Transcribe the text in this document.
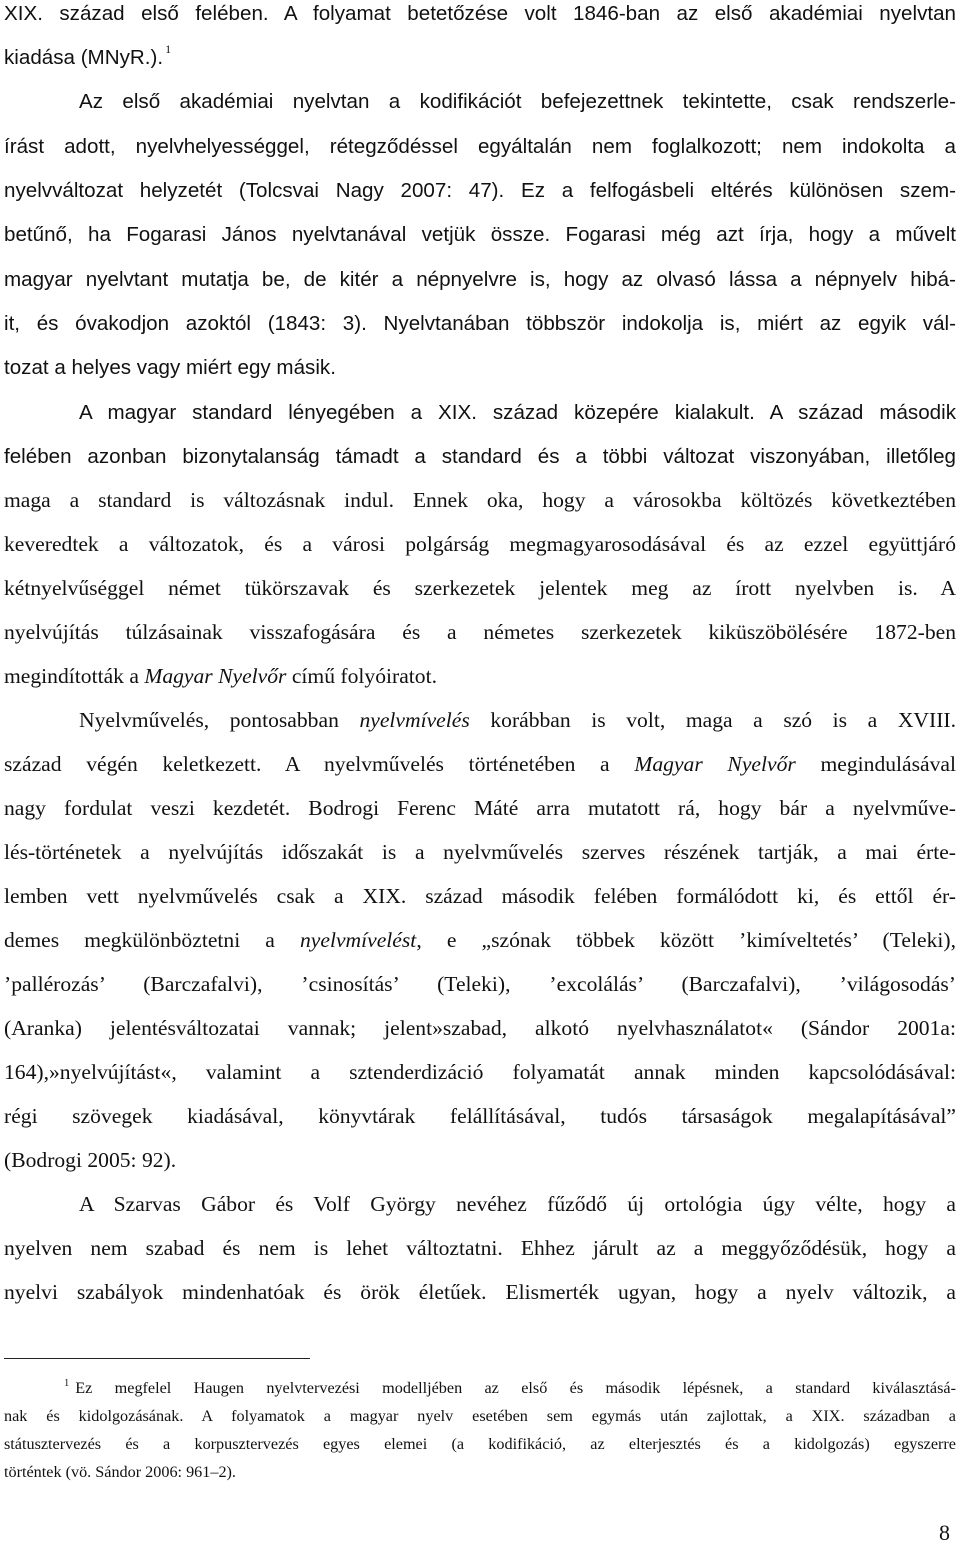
XIX. század első felében. A folyamat betetőzése volt 1846-ban az első akadémiai nyelvtan
kiadása (MNyR.). $^1$
Az első akadémiai nyelvtan a kodifikációt befejezettnek tekintette, csak rendszerle-
írást adott, nyelvhelyességgel, rétegződéssel egyáltalán nem foglalkozott; nem indokolta a
nyelvváltozat helyzetét (Tolcsvai Nagy 2007: 47). Ez a felfogásbeli eltérés különösen szem-
betűnő, ha Fogarasi János nyelvtanával vetjük össze. Fogarasi még azt írja, hogy a művelt
magyar nyelvtant mutatja be, de kitér a népnyelvre is, hogy az olvasó lássa a népnyelv hibá-
it, és óvakodjon azoktól (1843: 3). Nyelvtanában többször indokolja is, miért az egyik vál-
tozat a helyes vagy miért egy másik.
A magyar standard lényegében a XIX. század közepére kialakult. A század második
felében azonban bizonytalanság támadt a standard és a többi változat viszonyában, illetőleg
maga a standard is változásnak indul. Ennek oka, hogy a városokba költözés következtében
keveredtek a változatok, és a városi polgárság megmagyarosodásával és az ezzel együttjáró
kétnyelvűséggel német tükörszavak és szerkezetek jelentek meg az írott nyelvben is. A
nyelvújítás túlzásainak visszafogására és a németes szerkezetek kiküszöbölésére 1872-ben
megindították a Magyar Nyelvőr című folyóiratot.
Nyelvművelés, pontosabban nyelvmívelés korábban is volt, maga a szó is a XVIII.
század végén keletkezett. A nyelvművelés történetében a Magyar Nyelvőr megindulásával
nagy fordulat veszi kezdetét. Bodrogi Ferenc Máté arra mutatott rá, hogy bár a nyelvműve-
lés-történetek a nyelvújítás időszakát is a nyelvművelés szerves részének tartják, a mai érte-
lemben vett nyelvművelés csak a XIX. század második felében formálódott ki, és ettől ér-
demes megkülönböztetni a nyelvmívelést, e „szónak többek között ’kimíveltetés’ (Teleki),
’pallérozás’ (Barczafalvi), ’csinosítás’ (Teleki), ’excolálás’ (Barczafalvi), ’világosodás’
(Aranka) jelentésváltozatai vannak; jelent»szabad, alkotó nyelvhasználatot« (Sándor 2001a:
164),»nyelvújítást«, valamint a sztenderdizáció folyamatát annak minden kapcsolódásával:
régi szövegek kiadásával, könyvtárak felállításával, tudós társaságok megalapításával”
(Bodrogi 2005: 92).
A Szarvas Gábor és Volf György nevéhez fűződő új ortológia úgy vélte, hogy a
nyelven nem szabad és nem is lehet változtatni. Ehhez járult az a meggyőződésük, hogy a
nyelvi szabályok mindenhatóak és örök életűek. Elismerték ugyan, hogy a nyelv változik, a
$^1$ Ez megfelel Haugen nyelvtervezési modelljében az első és második lépésnek, a standard kiválasztásá-
nak és kidolgozásának. A folyamatok a magyar nyelv esetében sem egymás után zajlottak, a XIX. században a
státusztervezés és a korpusztervezés egyes elemei (a kodifikáció, az elterjesztés és a kidolgozás) egyszerre
történtek (vö. Sándor 2006: 961–2).
8
